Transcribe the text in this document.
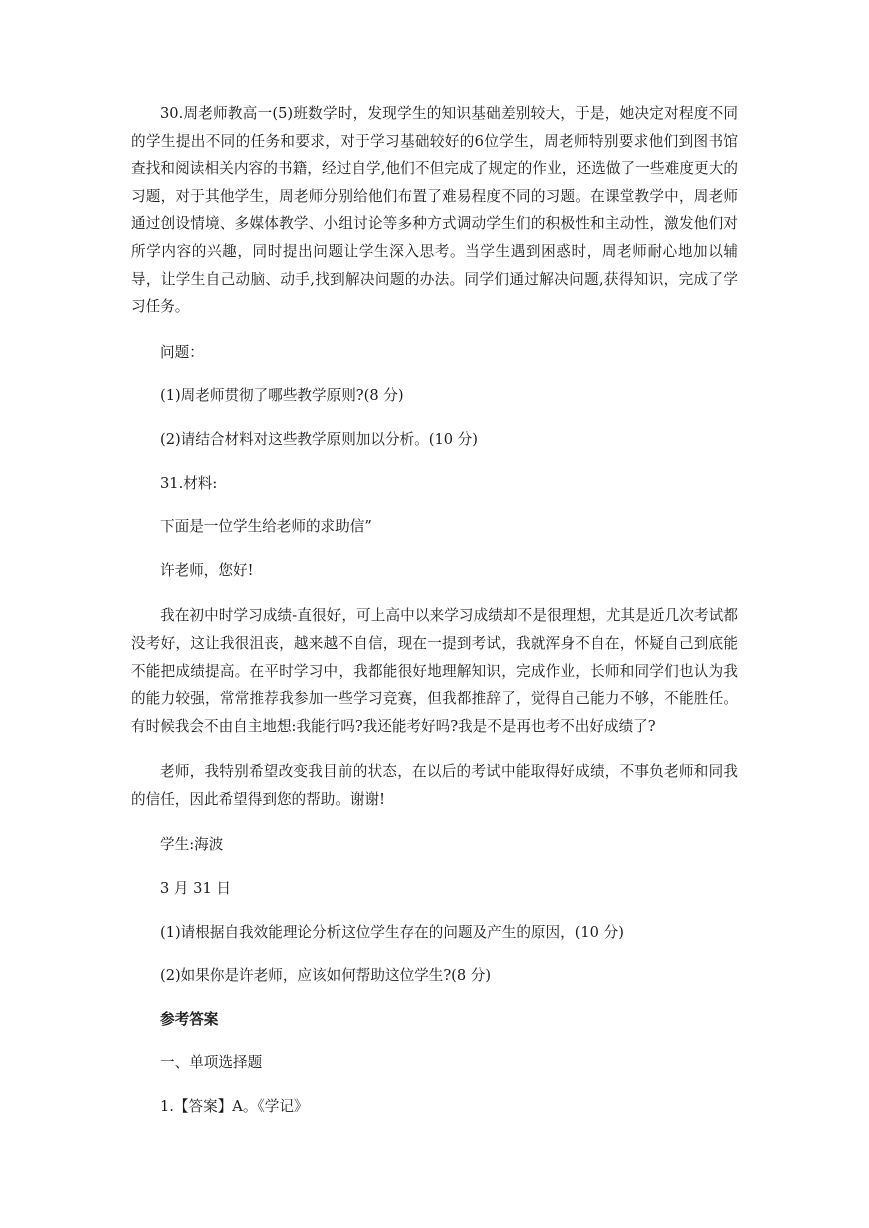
30.周老师教高一(5)班数学时，发现学生的知识基础差别较大，于是，她决定对程度不同的学生提出不同的任务和要求，对于学习基础较好的6位学生，周老师特别要求他们到图书馆查找和阅读相关内容的书籍，经过自学,他们不但完成了规定的作业，还选做了一些难度更大的习题，对于其他学生，周老师分别给他们布置了难易程度不同的习题。在课堂教学中，周老师通过创设情境、多媒体教学、小组讨论等多种方式调动学生们的积极性和主动性，激发他们对所学内容的兴趣，同时提出问题让学生深入思考。当学生遇到困惑时，周老师耐心地加以辅导，让学生自己动脑、动手,找到解决问题的办法。同学们通过解决问题,获得知识，完成了学习任务。

问题：

(1)周老师贯彻了哪些教学原则?(8 分)

(2)请结合材料对这些教学原则加以分析。(10 分)

31.材料:

下面是一位学生给老师的求助信”

许老师，您好!

我在初中时学习成绩-直很好，可上高中以来学习成绩却不是很理想，尤其是近几次考试都没考好，这让我很沮丧，越来越不自信，现在一提到考试，我就浑身不自在，怀疑自己到底能不能把成绩提高。在平时学习中，我都能很好地理解知识，完成作业，长师和同学们也认为我的能力较强，常常推荐我参加一些学习竞赛，但我都推辞了，觉得自己能力不够，不能胜任。有时候我会不由自主地想:我能行吗?我还能考好吗?我是不是再也考不出好成绩了?

老师，我特别希望改变我目前的状态，在以后的考试中能取得好成绩，不事负老师和同我的信任，因此希望得到您的帮助。谢谢!

学生:海波

3 月 31 日

(1)请根据自我效能理论分析这位学生存在的问题及产生的原因，(10 分)

(2)如果你是许老师，应该如何帮助这位学生?(8 分)

参考答案

一、单项选择题

1.【答案】A。《学记》
